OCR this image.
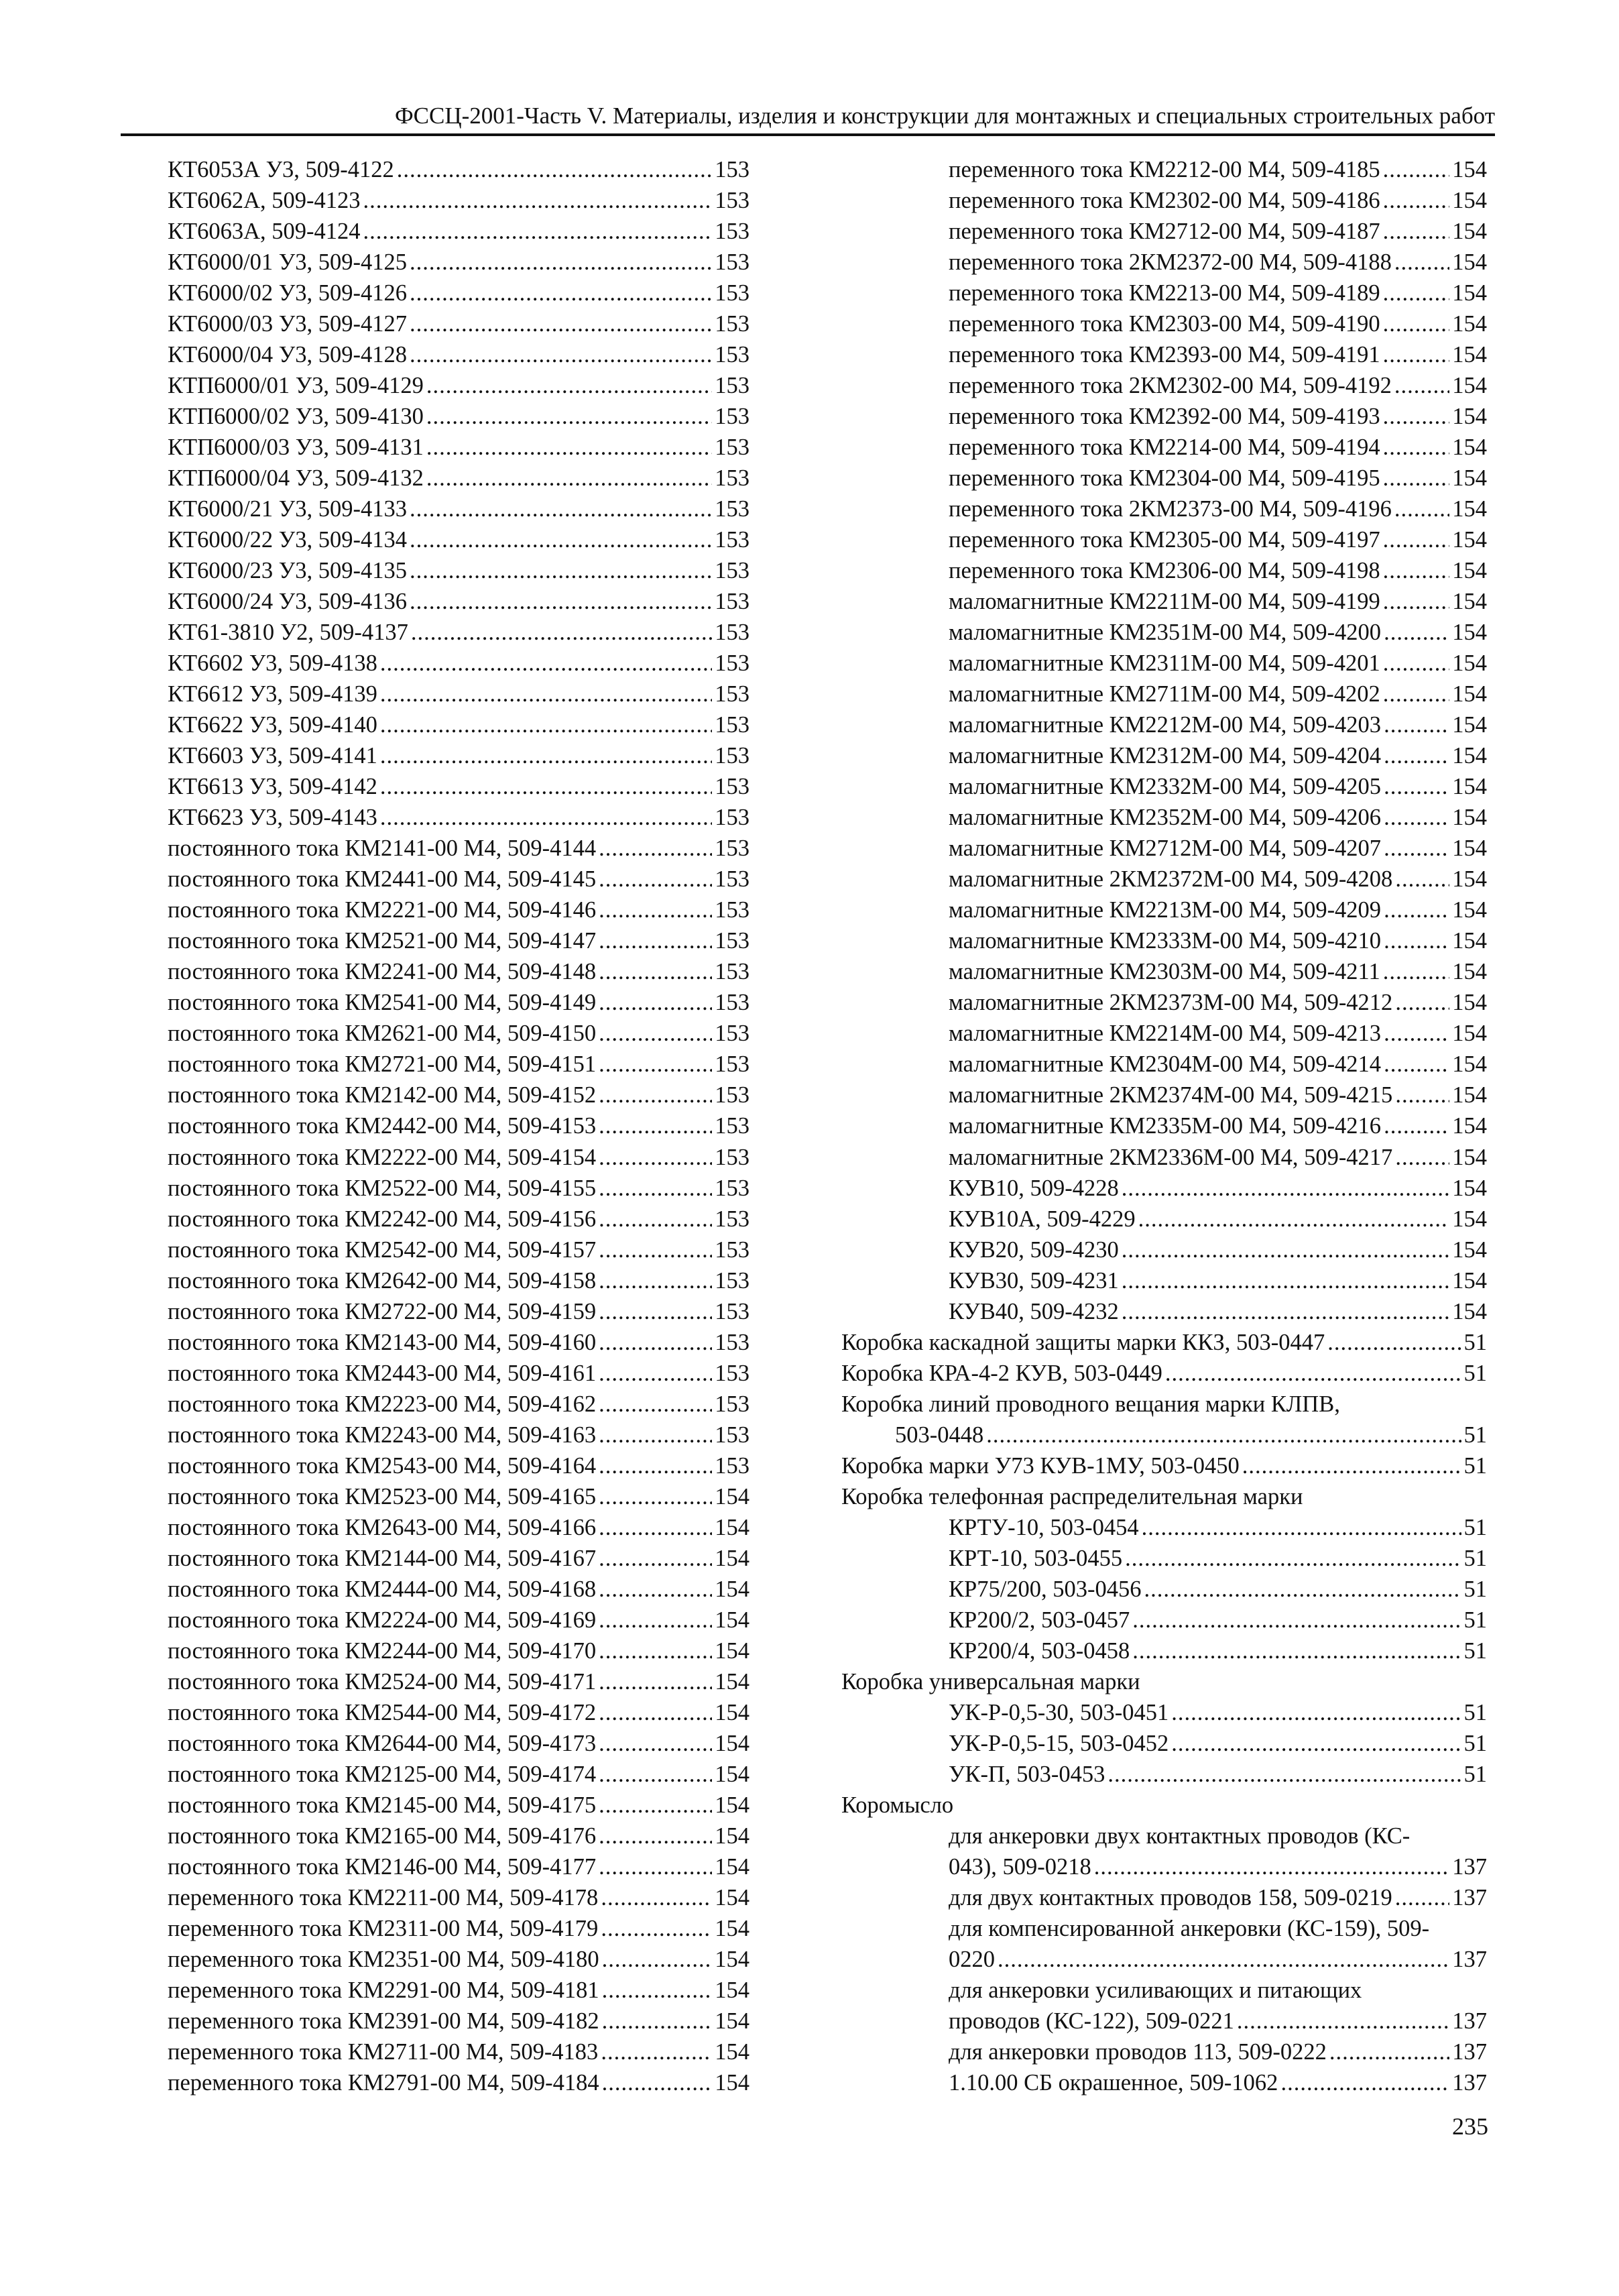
ФССЦ-2001-Часть V. Материалы, изделия и конструкции для монтажных и специальных строительных работ
КТ6053А У3, 509-4122 .....	153
КТ6062А, 509-4123 .....	153
КТ6063А, 509-4124 .....	153
КТ6000/01 У3, 509-4125 .....	153
КТ6000/02 У3, 509-4126 .....	153
КТ6000/03 У3, 509-4127 .....	153
КТ6000/04 У3, 509-4128 .....	153
КТП6000/01 У3, 509-4129 .....	153
КТП6000/02 У3, 509-4130 .....	153
КТП6000/03 У3, 509-4131 .....	153
КТП6000/04 У3, 509-4132 .....	153
КТ6000/21 У3, 509-4133 .....	153
КТ6000/22 У3, 509-4134 .....	153
КТ6000/23 У3, 509-4135 .....	153
КТ6000/24 У3, 509-4136 .....	153
КТ61-3810 У2, 509-4137 .....	153
КТ6602 У3, 509-4138 .....	153
КТ6612 У3, 509-4139 .....	153
КТ6622 У3, 509-4140 .....	153
КТ6603 У3, 509-4141 .....	153
КТ6613 У3, 509-4142 .....	153
КТ6623 У3, 509-4143 .....	153
постоянного тока КМ2141-00 М4, 509-4144 .....	153
постоянного тока КМ2441-00 М4, 509-4145 .....	153
постоянного тока КМ2221-00 М4, 509-4146 .....	153
постоянного тока КМ2521-00 М4, 509-4147 .....	153
постоянного тока КМ2241-00 М4, 509-4148 .....	153
постоянного тока КМ2541-00 М4, 509-4149 .....	153
постоянного тока КМ2621-00 М4, 509-4150 .....	153
постоянного тока КМ2721-00 М4, 509-4151 .....	153
постоянного тока КМ2142-00 М4, 509-4152 .....	153
постоянного тока КМ2442-00 М4, 509-4153 .....	153
постоянного тока КМ2222-00 М4, 509-4154 .....	153
постоянного тока КМ2522-00 М4, 509-4155 .....	153
постоянного тока КМ2242-00 М4, 509-4156 .....	153
постоянного тока КМ2542-00 М4, 509-4157 .....	153
постоянного тока КМ2642-00 М4, 509-4158 .....	153
постоянного тока КМ2722-00 М4, 509-4159 .....	153
постоянного тока КМ2143-00 М4, 509-4160 .....	153
постоянного тока КМ2443-00 М4, 509-4161 .....	153
постоянного тока КМ2223-00 М4, 509-4162 .....	153
постоянного тока КМ2243-00 М4, 509-4163 .....	153
постоянного тока КМ2543-00 М4, 509-4164 .....	153
постоянного тока КМ2523-00 М4, 509-4165 .....	154
постоянного тока КМ2643-00 М4, 509-4166 .....	154
постоянного тока КМ2144-00 М4, 509-4167 .....	154
постоянного тока КМ2444-00 М4, 509-4168 .....	154
постоянного тока КМ2224-00 М4, 509-4169 .....	154
постоянного тока КМ2244-00 М4, 509-4170 .....	154
постоянного тока КМ2524-00 М4, 509-4171 .....	154
постоянного тока КМ2544-00 М4, 509-4172 .....	154
постоянного тока КМ2644-00 М4, 509-4173 .....	154
постоянного тока КМ2125-00 М4, 509-4174 .....	154
постоянного тока КМ2145-00 М4, 509-4175 .....	154
постоянного тока КМ2165-00 М4, 509-4176 .....	154
постоянного тока КМ2146-00 М4, 509-4177 .....	154
переменного тока КМ2211-00 М4, 509-4178 .....	154
переменного тока КМ2311-00 М4, 509-4179 .....	154
переменного тока КМ2351-00 М4, 509-4180 .....	154
переменного тока КМ2291-00 М4, 509-4181 .....	154
переменного тока КМ2391-00 М4, 509-4182 .....	154
переменного тока КМ2711-00 М4, 509-4183 .....	154
переменного тока КМ2791-00 М4, 509-4184 .....	154
переменного тока КМ2212-00 М4, 509-4185 .....	154
переменного тока КМ2302-00 М4, 509-4186 .....	154
переменного тока КМ2712-00 М4, 509-4187 .....	154
переменного тока 2КМ2372-00 М4, 509-4188 .....	154
переменного тока КМ2213-00 М4, 509-4189 .....	154
переменного тока КМ2303-00 М4, 509-4190 .....	154
переменного тока КМ2393-00 М4, 509-4191 .....	154
переменного тока 2КМ2302-00 М4, 509-4192 .....	154
переменного тока КМ2392-00 М4, 509-4193 .....	154
переменного тока КМ2214-00 М4, 509-4194 .....	154
переменного тока КМ2304-00 М4, 509-4195 .....	154
переменного тока 2КМ2373-00 М4, 509-4196 .....	154
переменного тока КМ2305-00 М4, 509-4197 .....	154
переменного тока КМ2306-00 М4, 509-4198 .....	154
маломагнитные КМ2211М-00 М4, 509-4199 .....	154
маломагнитные КМ2351М-00 М4, 509-4200 .....	154
маломагнитные КМ2311М-00 М4, 509-4201 .....	154
маломагнитные КМ2711М-00 М4, 509-4202 .....	154
маломагнитные КМ2212М-00 М4, 509-4203 .....	154
маломагнитные КМ2312М-00 М4, 509-4204 .....	154
маломагнитные КМ2332М-00 М4, 509-4205 .....	154
маломагнитные КМ2352М-00 М4, 509-4206 .....	154
маломагнитные КМ2712М-00 М4, 509-4207 .....	154
маломагнитные 2КМ2372М-00 М4, 509-4208 .....	154
маломагнитные КМ2213М-00 М4, 509-4209 .....	154
маломагнитные КМ2333М-00 М4, 509-4210 .....	154
маломагнитные КМ2303М-00 М4, 509-4211 .....	154
маломагнитные 2КМ2373М-00 М4, 509-4212 .....	154
маломагнитные КМ2214М-00 М4, 509-4213 .....	154
маломагнитные КМ2304М-00 М4, 509-4214 .....	154
маломагнитные 2КМ2374М-00 М4, 509-4215 .....	154
маломагнитные КМ2335М-00 М4, 509-4216 .....	154
маломагнитные 2КМ2336М-00 М4, 509-4217 .....	154
КУВ10, 509-4228 .....	154
КУВ10А, 509-4229 .....	154
КУВ20, 509-4230 .....	154
КУВ30, 509-4231 .....	154
КУВ40, 509-4232 .....	154
Коробка каскадной защиты марки ККЗ, 503-0447 .....	51
Коробка КРА-4-2 КУВ, 503-0449 .....	51
Коробка линий проводного вещания марки КЛПВ,
503-0448 .....	51
Коробка марки У73 КУВ-1МУ, 503-0450 .....	51
Коробка телефонная распределительная марки
КРТУ-10, 503-0454 .....	51
КРТ-10, 503-0455 .....	51
КР75/200, 503-0456 .....	51
КР200/2, 503-0457 .....	51
КР200/4, 503-0458 .....	51
Коробка универсальная марки
УК-Р-0,5-30, 503-0451 .....	51
УК-Р-0,5-15, 503-0452 .....	51
УК-П, 503-0453 .....	51
Коромысло
для анкеровки двух контактных проводов (КС-
043), 509-0218 .....	137
для двух контактных проводов 158, 509-0219 .....	137
для компенсированной анкеровки (КС-159), 509-
0220 .....	137
для анкеровки усиливающих и питающих
проводов (КС-122), 509-0221 .....	137
для анкеровки проводов 113, 509-0222 .....	137
1.10.00 СБ окрашенное, 509-1062 .....	137
235
